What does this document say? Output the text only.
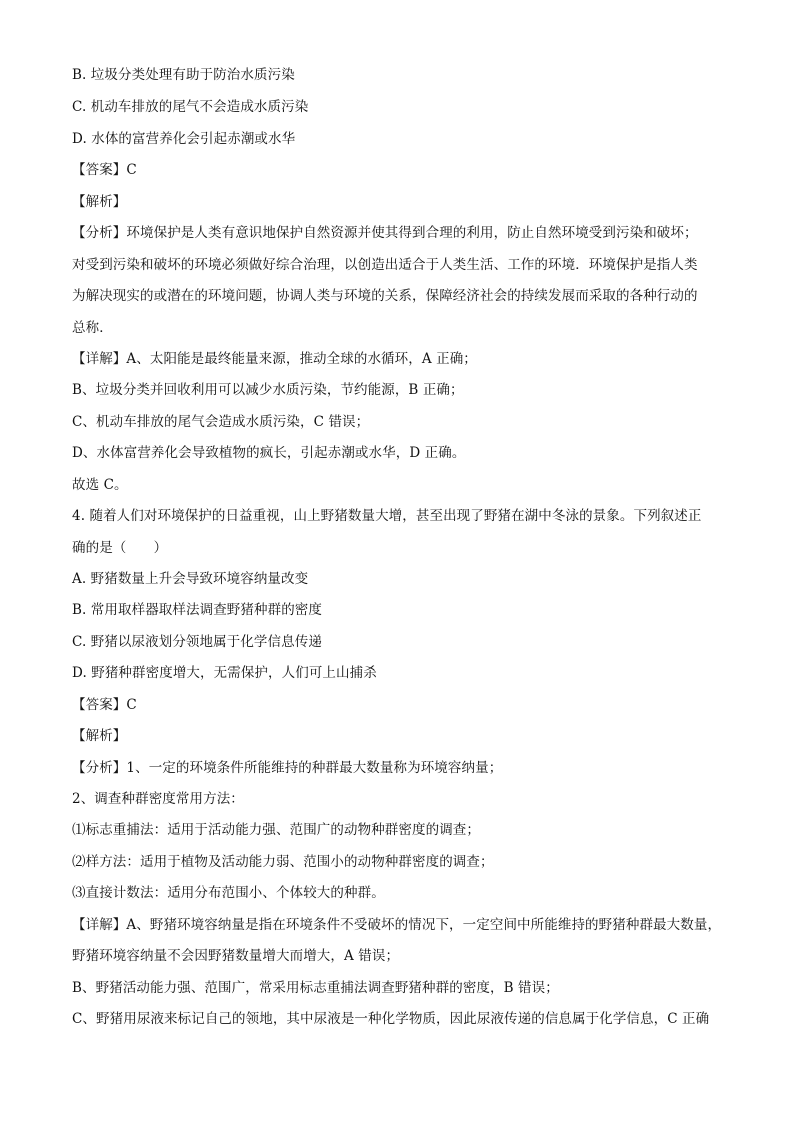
B. 垃圾分类处理有助于防治水质污染
C. 机动车排放的尾气不会造成水质污染
D. 水体的富营养化会引起赤潮或水华
【答案】C
【解析】
【分析】环境保护是人类有意识地保护自然资源并使其得到合理的利用，防止自然环境受到污染和破坏；
对受到污染和破坏的环境必须做好综合治理，以创造出适合于人类生活、工作的环境．环境保护是指人类
为解决现实的或潜在的环境问题，协调人类与环境的关系，保障经济社会的持续发展而采取的各种行动的
总称．
【详解】A、太阳能是最终能量来源，推动全球的水循环，A 正确；
B、垃圾分类并回收利用可以减少水质污染，节约能源，B 正确；
C、机动车排放的尾气会造成水质污染，C 错误；
D、水体富营养化会导致植物的疯长，引起赤潮或水华，D 正确。
故选 C。
4. 随着人们对环境保护的日益重视，山上野猪数量大增，甚至出现了野猪在湖中冬泳的景象。下列叙述正
确的是（　　）
A. 野猪数量上升会导致环境容纳量改变
B. 常用取样器取样法调查野猪种群的密度
C. 野猪以尿液划分领地属于化学信息传递
D. 野猪种群密度增大，无需保护，人们可上山捕杀
【答案】C
【解析】
【分析】1、一定的环境条件所能维持的种群最大数量称为环境容纳量；
2、调查种群密度常用方法：
⑴标志重捕法：适用于活动能力强、范围广的动物种群密度的调查；
⑵样方法：适用于植物及活动能力弱、范围小的动物种群密度的调查；
⑶直接计数法：适用分布范围小、个体较大的种群。
【详解】A、野猪环境容纳量是指在环境条件不受破坏的情况下，一定空间中所能维持的野猪种群最大数量，
野猪环境容纳量不会因野猪数量增大而增大，A 错误；
B、野猪活动能力强、范围广，常采用标志重捕法调查野猪种群的密度，B 错误；
C、野猪用尿液来标记自己的领地，其中尿液是一种化学物质，因此尿液传递的信息属于化学信息，C 正确
